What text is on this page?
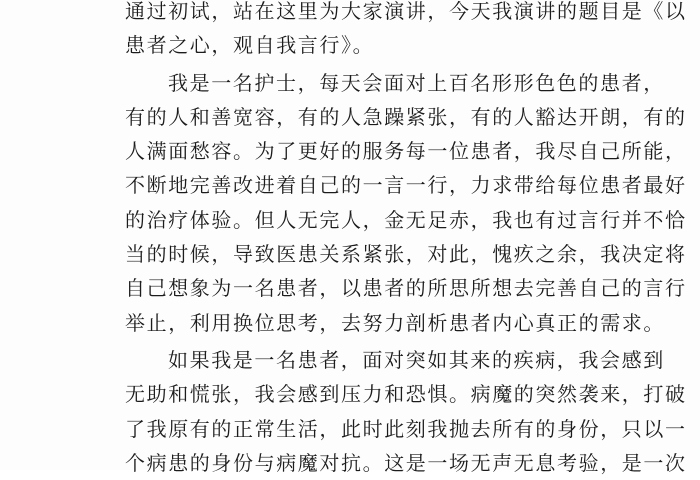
通过初试，站在这里为大家演讲，今天我演讲的题目是《以
患者之心，观自我言行》。
我是一名护士，每天会面对上百名形形色色的患者，
有的人和善宽容，有的人急躁紧张，有的人豁达开朗，有的
人满面愁容。为了更好的服务每一位患者，我尽自己所能，
不断地完善改进着自己的一言一行，力求带给每位患者最好
的治疗体验。但人无完人，金无足赤，我也有过言行并不恰
当的时候，导致医患关系紧张，对此，愧疚之余，我决定将
自己想象为一名患者，以患者的所思所想去完善自己的言行
举止，利用换位思考，去努力剖析患者内心真正的需求。
如果我是一名患者，面对突如其来的疾病，我会感到
无助和慌张，我会感到压力和恐惧。病魔的突然袭来，打破
了我原有的正常生活，此时此刻我抛去所有的身份，只以一
个病患的身份与病魔对抗。这是一场无声无息考验，是一次
